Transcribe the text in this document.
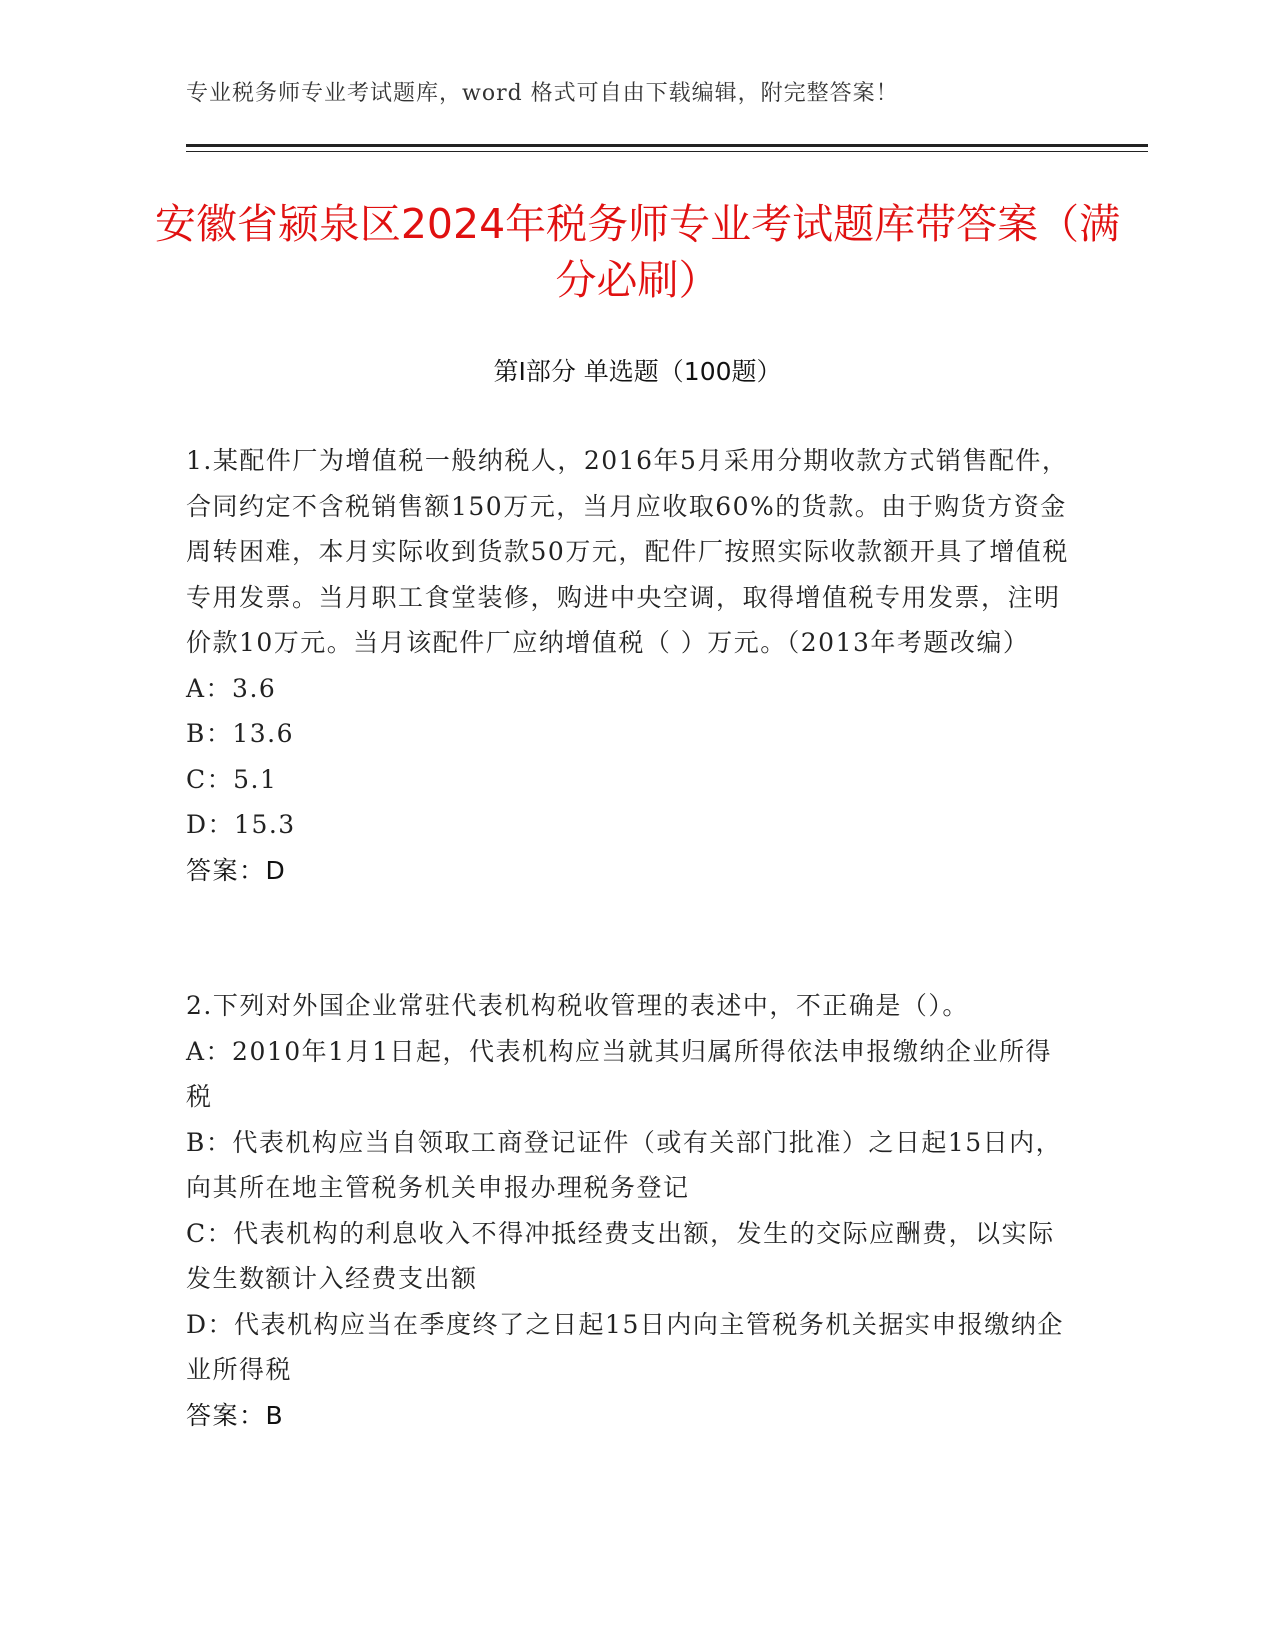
专业税务师专业考试题库，word 格式可自由下载编辑，附完整答案！
安徽省颍泉区2024年税务师专业考试题库带答案（满分必刷）
第Ⅰ部分 单选题（100题）

1.某配件厂为增值税一般纳税人，2016年5月采用分期收款方式销售配件，合同约定不含税销售额150万元，当月应收取60%的货款。由于购货方资金周转困难，本月实际收到货款50万元，配件厂按照实际收款额开具了增值税专用发票。当月职工食堂装修，购进中央空调，取得增值税专用发票，注明价款10万元。当月该配件厂应纳增值税（ ）万元。（2013年考题改编）

A：3.6

B：13.6

C：5.1

D：15.3

答案：D

2.下列对外国企业常驻代表机构税收管理的表述中，不正确是（）。

A：2010年1月1日起，代表机构应当就其归属所得依法申报缴纳企业所得税

B：代表机构应当自领取工商登记证件（或有关部门批准）之日起15日内，向其所在地主管税务机关申报办理税务登记

C：代表机构的利息收入不得冲抵经费支出额，发生的交际应酬费，以实际发生数额计入经费支出额

D：代表机构应当在季度终了之日起15日内向主管税务机关据实申报缴纳企业所得税

答案：B
